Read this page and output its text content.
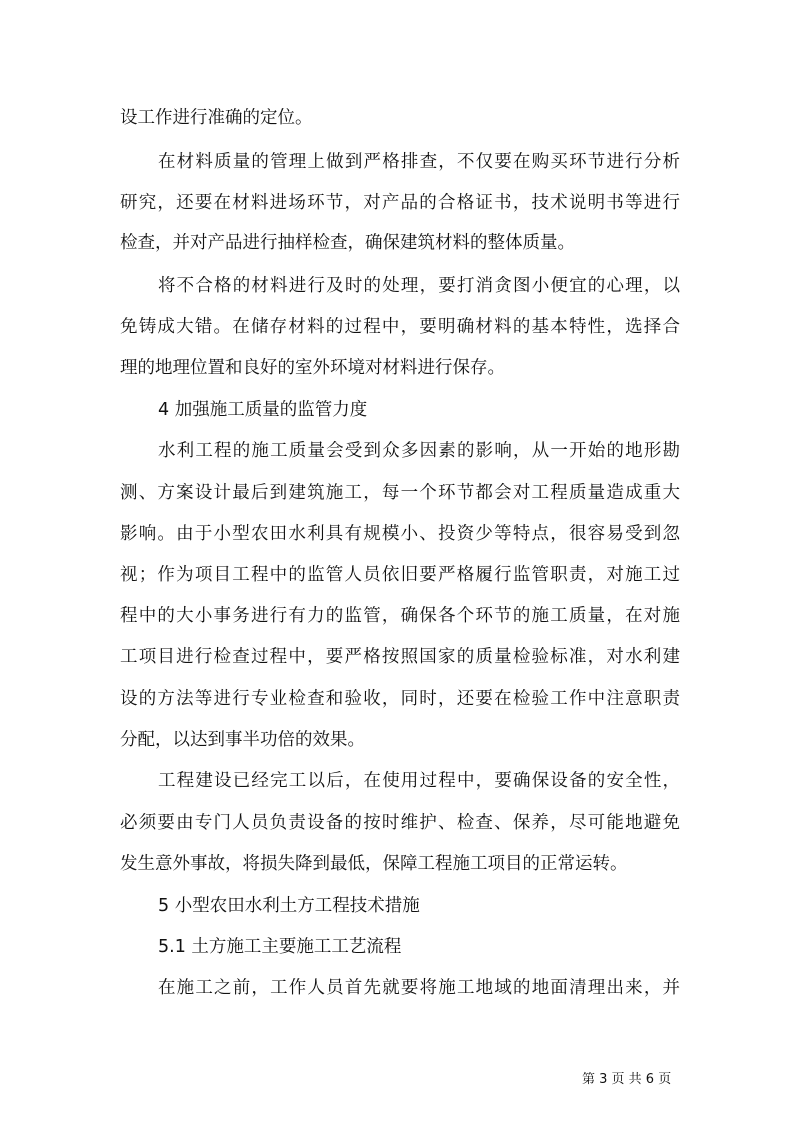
设工作进行准确的定位。
在材料质量的管理上做到严格排查，不仅要在购买环节进行分析
研究，还要在材料进场环节，对产品的合格证书，技术说明书等进行
检查，并对产品进行抽样检查，确保建筑材料的整体质量。
将不合格的材料进行及时的处理，要打消贪图小便宜的心理，以
免铸成大错。在储存材料的过程中，要明确材料的基本特性，选择合
理的地理位置和良好的室外环境对材料进行保存。
4 加强施工质量的监管力度
水利工程的施工质量会受到众多因素的影响，从一开始的地形勘
测、方案设计最后到建筑施工，每一个环节都会对工程质量造成重大
影响。由于小型农田水利具有规模小、投资少等特点，很容易受到忽
视；作为项目工程中的监管人员依旧要严格履行监管职责，对施工过
程中的大小事务进行有力的监管，确保各个环节的施工质量，在对施
工项目进行检查过程中，要严格按照国家的质量检验标准，对水利建
设的方法等进行专业检查和验收，同时，还要在检验工作中注意职责
分配，以达到事半功倍的效果。
工程建设已经完工以后，在使用过程中，要确保设备的安全性，
必须要由专门人员负责设备的按时维护、检查、保养，尽可能地避免
发生意外事故，将损失降到最低，保障工程施工项目的正常运转。
5 小型农田水利土方工程技术措施
5.1 土方施工主要施工工艺流程
在施工之前，工作人员首先就要将施工地域的地面清理出来，并
第 3 页 共 6 页
